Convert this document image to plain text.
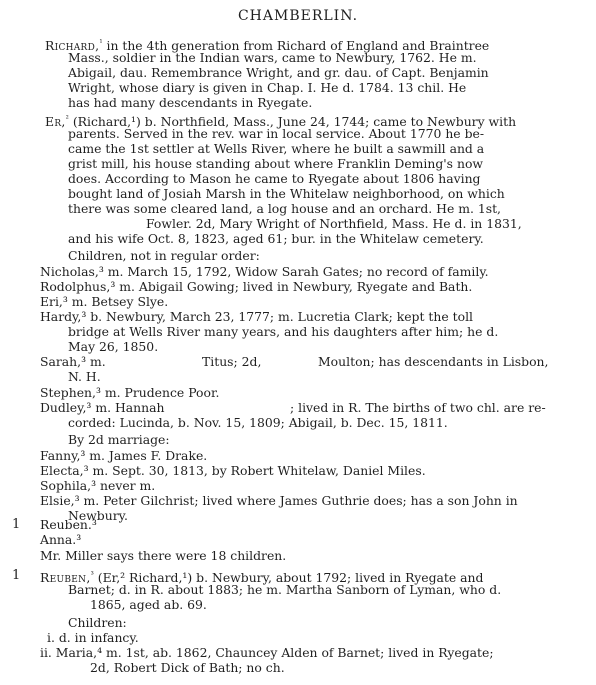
CHAMBERLIN.
Richard,$^{^1}$ in the 4th generation from Richard of England and Braintree
Mass., soldier in the Indian wars, came to Newbury, 1762. He m.
Abigail, dau. Remembrance Wright, and gr. dau. of Capt. Benjamin
Wright, whose diary is given in Chap. I. He d. 1784. 13 chil. He
has had many descendants in Ryegate.
Er,$^{^2}$ (Richard,¹) b. Northfield, Mass., June 24, 1744; came to Newbury with
parents. Served in the rev. war in local service. About 1770 he be-
came the 1st settler at Wells River, where he built a sawmill and a
grist mill, his house standing about where Franklin Deming's now
does. According to Mason he came to Ryegate about 1806 having
bought land of Josiah Marsh in the Whitelaw neighborhood, on which
there was some cleared land, a log house and an orchard. He m. 1st,
Fowler. 2d, Mary Wright of Northfield, Mass. He d. in 1831,
and his wife Oct. 8, 1823, aged 61; bur. in the Whitelaw cemetery.
Children, not in regular order:
Nicholas,³ m. March 15, 1792, Widow Sarah Gates; no record of family.
Rodolphus,³ m. Abigail Gowing; lived in Newbury, Ryegate and Bath.
Eri,³ m. Betsey Slye.
Hardy,³ b. Newbury, March 23, 1777; m. Lucretia Clark; kept the toll
bridge at Wells River many years, and his daughters after him; he d.
May 26, 1850.
Sarah,³ m.	Titus; 2d,	Moulton; has descendants in Lisbon,
N. H.
Stephen,³ m. Prudence Poor.
Dudley,³ m. Hannah	; lived in R. The births of two chl. are re-
corded: Lucinda, b. Nov. 15, 1809; Abigail, b. Dec. 15, 1811.
By 2d marriage:
Fanny,³ m. James F. Drake.
Electa,³ m. Sept. 30, 1813, by Robert Whitelaw, Daniel Miles.
Sophila,³ never m.
Elsie,³ m. Peter Gilchrist; lived where James Guthrie does; has a son John in
Newbury.
1 Reuben.³
Anna.³
Mr. Miller says there were 18 children.
1 Reuben,$^{^3}$ (Er,² Richard,¹) b. Newbury, about 1792; lived in Ryegate and
Barnet; d. in R. about 1883; he m. Martha Sanborn of Lyman, who d.
1865, aged ab. 69.
Children:
i. d. in infancy.
ii. Maria,⁴ m. 1st, ab. 1862, Chauncey Alden of Barnet; lived in Ryegate;
2d, Robert Dick of Bath; no ch.
